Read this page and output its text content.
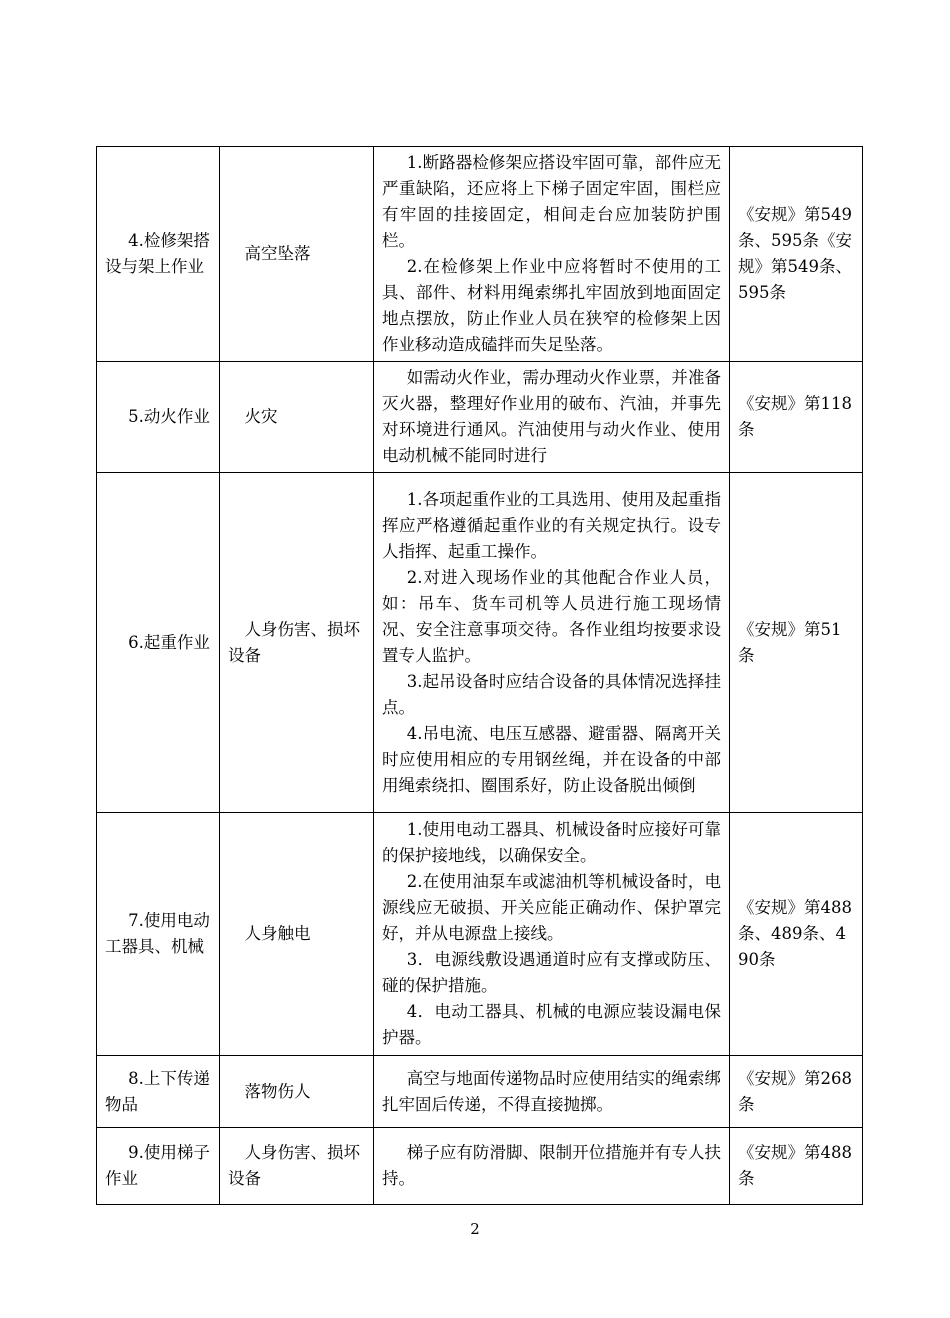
4.检修架搭设与架上作业	高空坠落	1.断路器检修架应搭设牢固可靠，部件应无严重缺陷，还应将上下梯子固定牢固，围栏应有牢固的挂接固定，相间走台应加装防护围栏。

2.在检修架上作业中应将暂时不使用的工具、部件、材料用绳索绑扎牢固放到地面固定地点摆放，防止作业人员在狭窄的检修架上因作业移动造成磕拌而失足坠落。	《安规》第549条、595条《安规》第549条、595条
5.动火作业	火灾	如需动火作业，需办理动火作业票，并准备灭火器，整理好作业用的破布、汽油，并事先对环境进行通风。汽油使用与动火作业、使用电动机械不能同时进行	《安规》第118条
6.起重作业	人身伤害、损坏设备	1.各项起重作业的工具选用、使用及起重指挥应严格遵循起重作业的有关规定执行。设专人指挥、起重工操作。

2.对进入现场作业的其他配合作业人员，如：吊车、货车司机等人员进行施工现场情况、安全注意事项交待。各作业组均按要求设置专人监护。

3.起吊设备时应结合设备的具体情况选择挂点。

4.吊电流、电压互感器、避雷器、隔离开关时应使用相应的专用钢丝绳，并在设备的中部用绳索绕扣、圈围系好，防止设备脱出倾倒	《安规》第51条
7.使用电动工器具、机械	人身触电	1.使用电动工器具、机械设备时应接好可靠的保护接地线，以确保安全。

2.在使用油泵车或滤油机等机械设备时，电源线应无破损、开关应能正确动作、保护罩完好，并从电源盘上接线。

3．电源线敷设遇通道时应有支撑或防压、碰的保护措施。

4．电动工器具、机械的电源应装设漏电保护器。	《安规》第488条、489条、490条
8.上下传递物品	落物伤人	高空与地面传递物品时应使用结实的绳索绑扎牢固后传递，不得直接抛掷。	《安规》第268条
9.使用梯子作业	人身伤害、损坏设备	梯子应有防滑脚、限制开位措施并有专人扶持。	《安规》第488条
2
